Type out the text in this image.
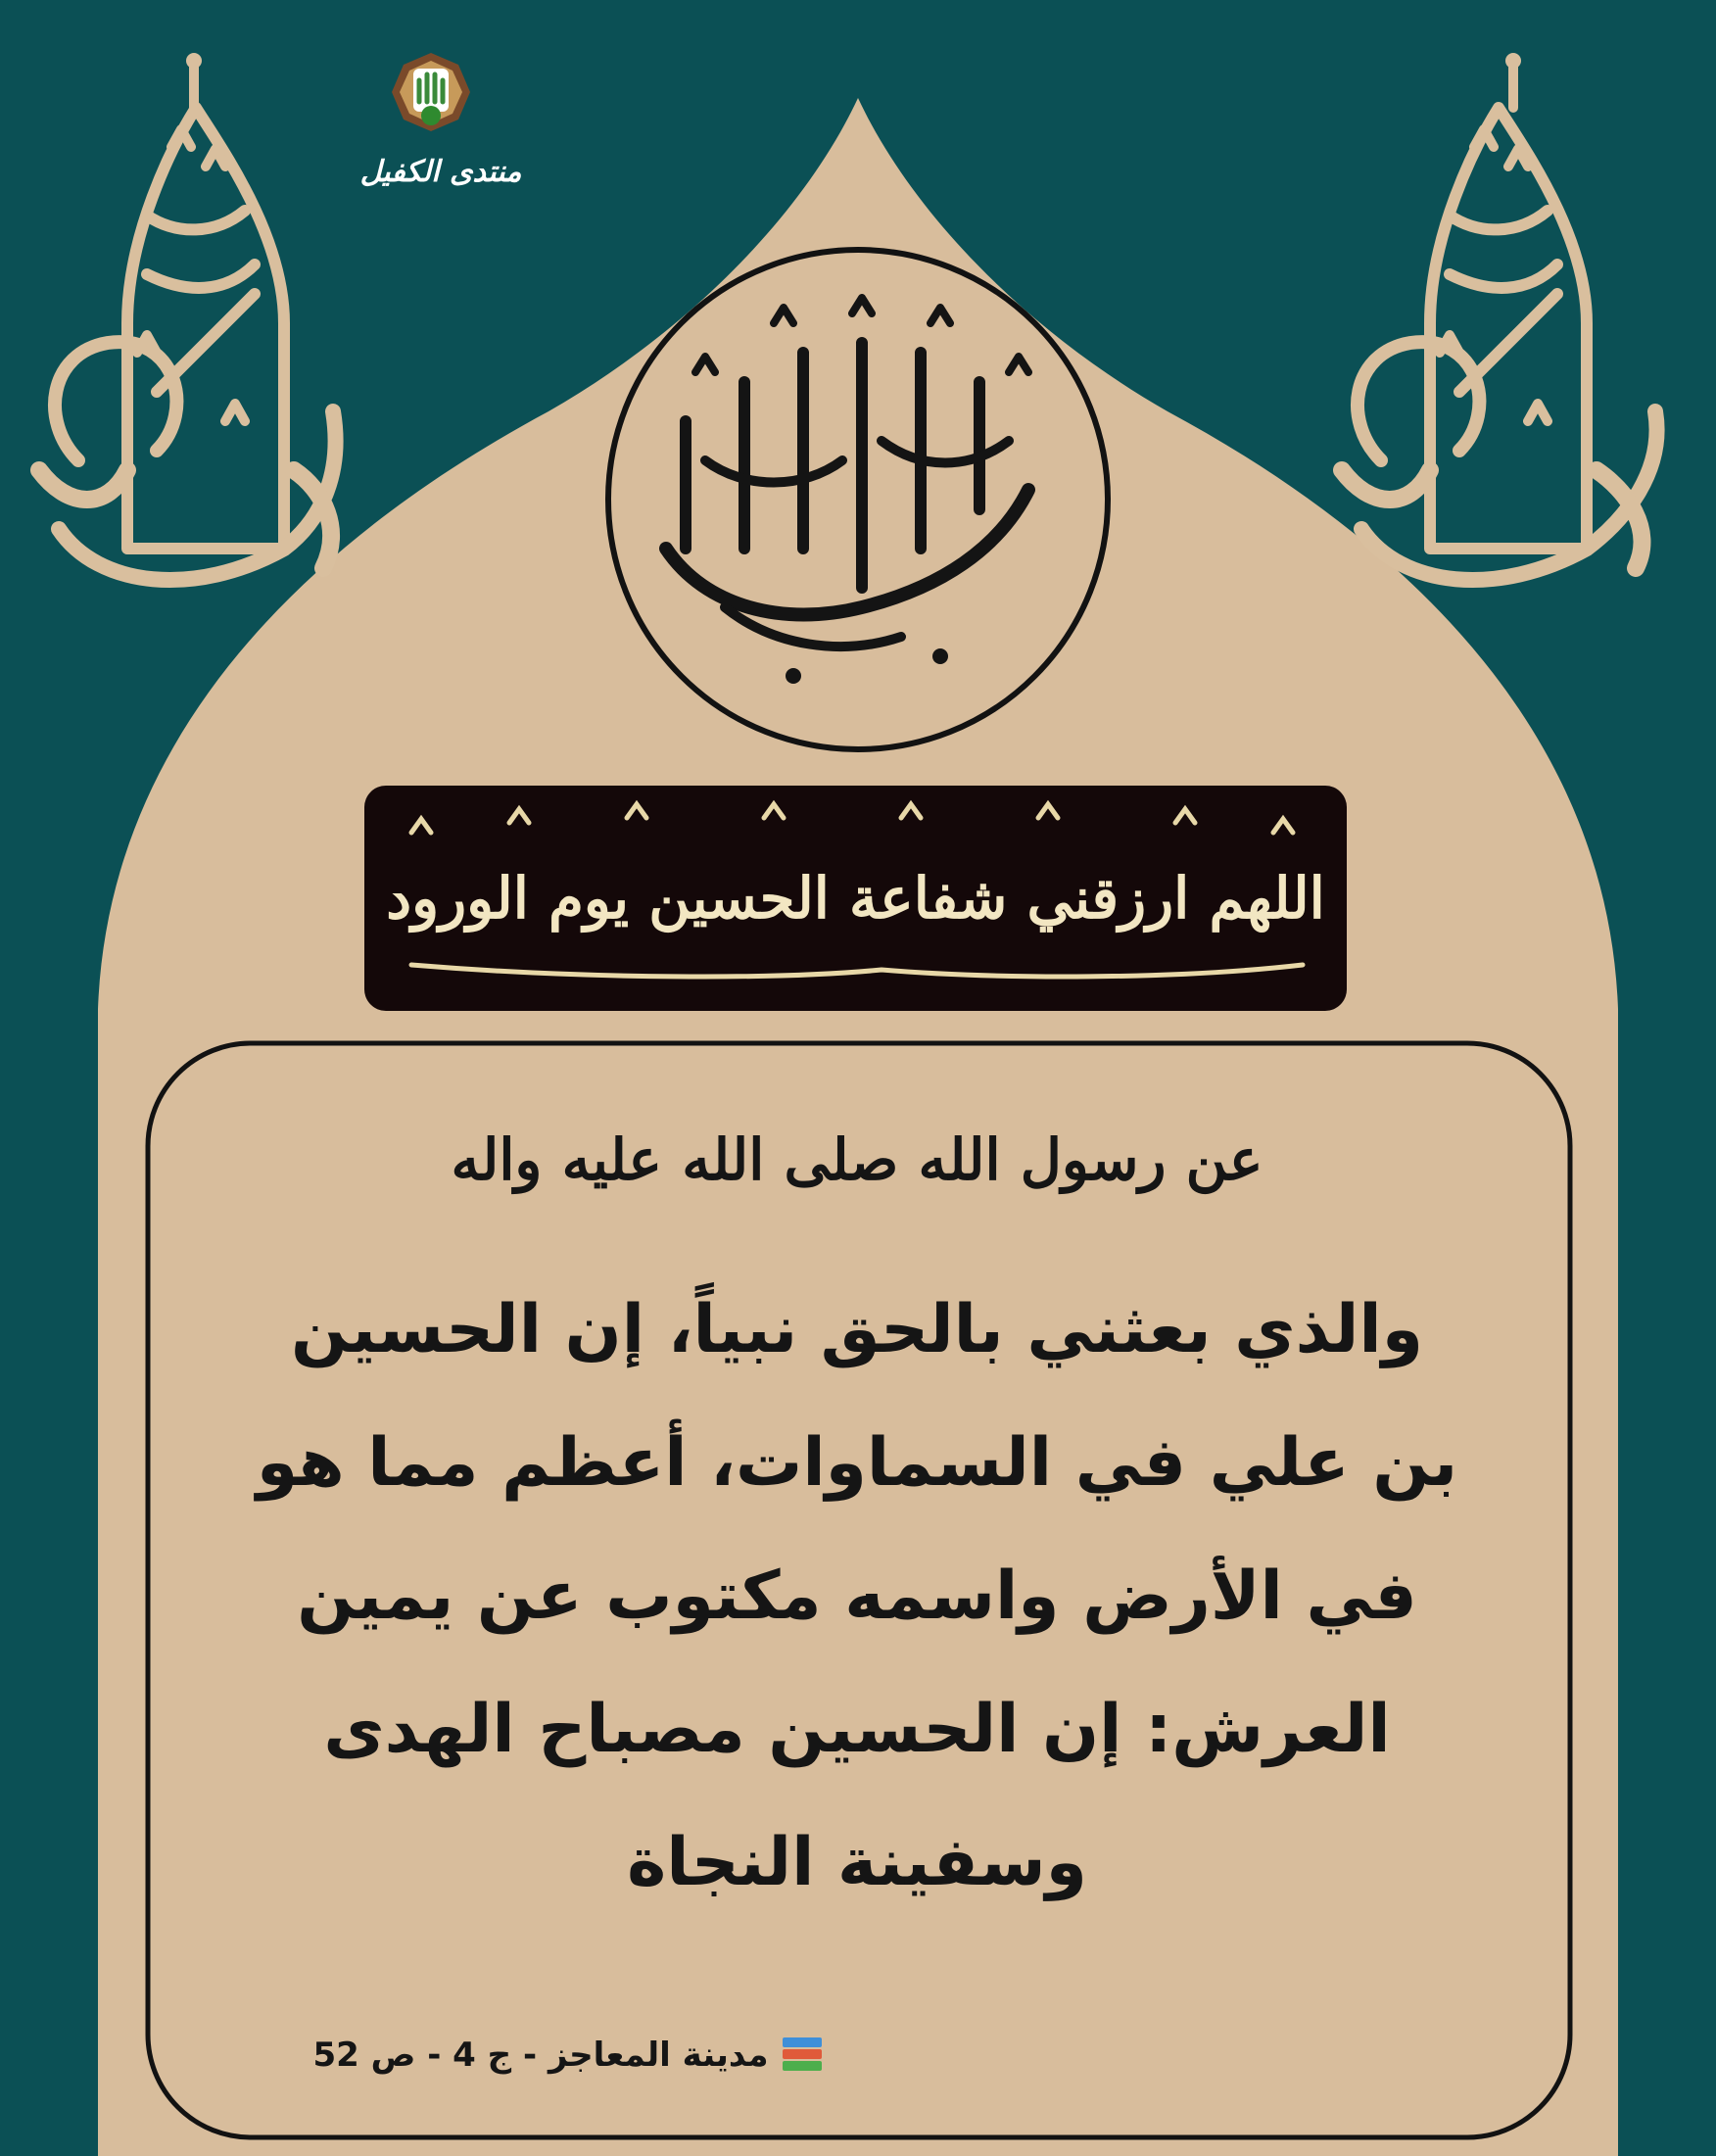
منتدى الكفيل
اللهم ارزقني شفاعة الحسين يوم الورود
عن رسول الله صلى الله عليه واله
والذي بعثني بالحق نبياً، إن الحسين
بن علي في السماوات، أعظم مما هو
في الأرض واسمه مكتوب عن يمين
العرش: إن الحسين مصباح الهدى
وسفينة النجاة
مدينة المعاجز - ج 4 - ص 52
